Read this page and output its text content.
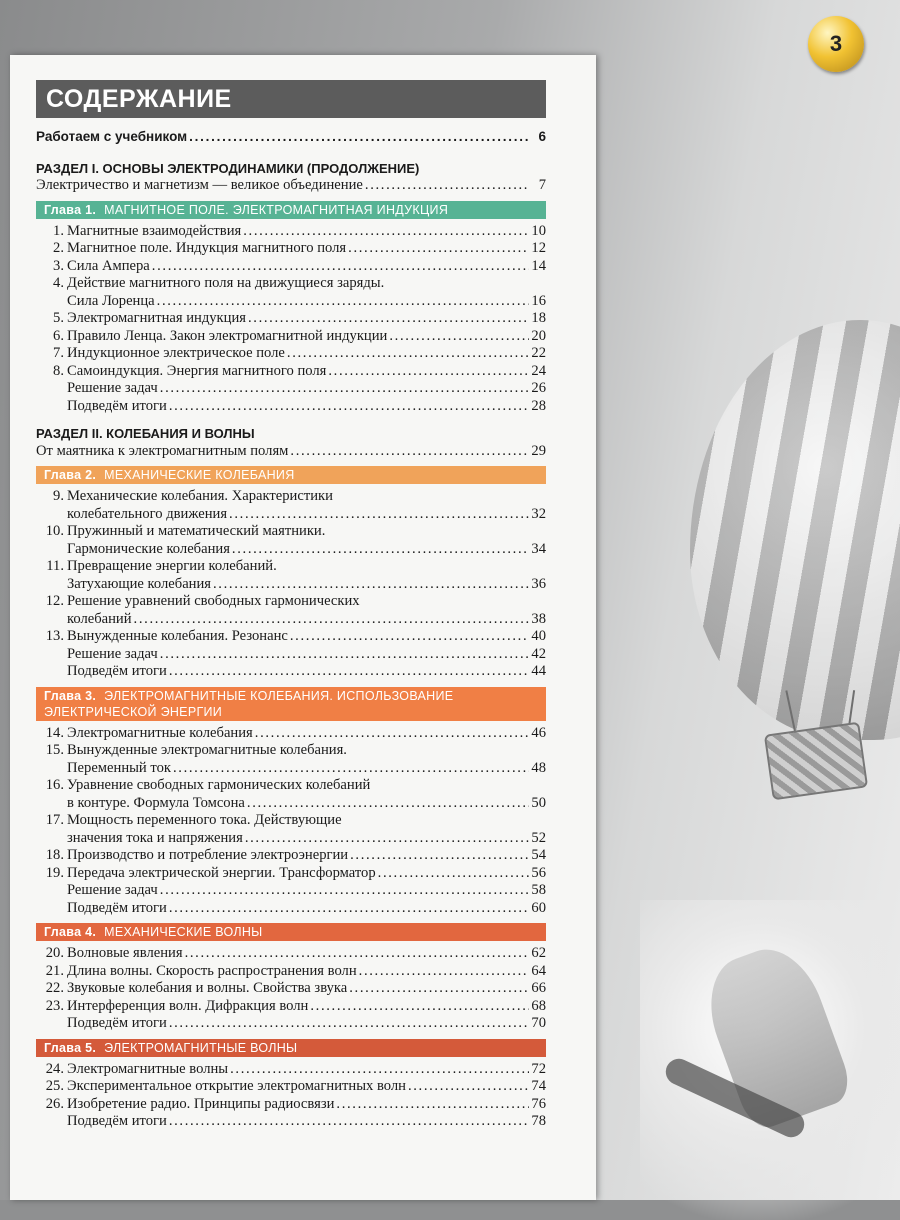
3
СОДЕРЖАНИЕ
Работаем с учебником . . .	6
РАЗДЕЛ I. ОСНОВЫ ЭЛЕКТРОДИНАМИКИ (ПРОДОЛЖЕНИЕ)
Электричество и магнетизм — великое объединение . . .	7
Глава 1. МАГНИТНОЕ ПОЛЕ. ЭЛЕКТРОМАГНИТНАЯ ИНДУКЦИЯ
1. Магнитные взаимодействия . . .	10
2. Магнитное поле. Индукция магнитного поля . . .	12
3. Сила Ампера . . .	14
4. Действие магнитного поля на движущиеся заряды.
Сила Лоренца . . .	16
5. Электромагнитная индукция . . .	18
6. Правило Ленца. Закон электромагнитной индукции . . .	20
7. Индукционное электрическое поле . . .	22
8. Самоиндукция. Энергия магнитного поля . . .	24
Решение задач . . .	26
Подведём итоги . . .	28
РАЗДЕЛ II. КОЛЕБАНИЯ И ВОЛНЫ
От маятника к электромагнитным полям . . .	29
Глава 2. МЕХАНИЧЕСКИЕ КОЛЕБАНИЯ
9. Механические колебания. Характеристики
колебательного движения . . .	32
10. Пружинный и математический маятники.
Гармонические колебания . . .	34
11. Превращение энергии колебаний.
Затухающие колебания . . .	36
12. Решение уравнений свободных гармонических
колебаний . . .	38
13. Вынужденные колебания. Резонанс . . .	40
Решение задач . . .	42
Подведём итоги . . .	44
Глава 3. ЭЛЕКТРОМАГНИТНЫЕ КОЛЕБАНИЯ. ИСПОЛЬЗОВАНИЕ
ЭЛЕКТРИЧЕСКОЙ ЭНЕРГИИ
14. Электромагнитные колебания . . .	46
15. Вынужденные электромагнитные колебания.
Переменный ток . . .	48
16. Уравнение свободных гармонических колебаний
в контуре. Формула Томсона . . .	50
17. Мощность переменного тока. Действующие
значения тока и напряжения . . .	52
18. Производство и потребление электроэнергии . . .	54
19. Передача электрической энергии. Трансформатор . . .	56
Решение задач . . .	58
Подведём итоги . . .	60
Глава 4. МЕХАНИЧЕСКИЕ ВОЛНЫ
20. Волновые явления . . .	62
21. Длина волны. Скорость распространения волн . . .	64
22. Звуковые колебания и волны. Свойства звука . . .	66
23. Интерференция волн. Дифракция волн . . .	68
Подведём итоги . . .	70
Глава 5. ЭЛЕКТРОМАГНИТНЫЕ ВОЛНЫ
24. Электромагнитные волны . . .	72
25. Экспериментальное открытие электромагнитных волн . . .	74
26. Изобретение радио. Принципы радиосвязи . . .	76
Подведём итоги . . .	78
